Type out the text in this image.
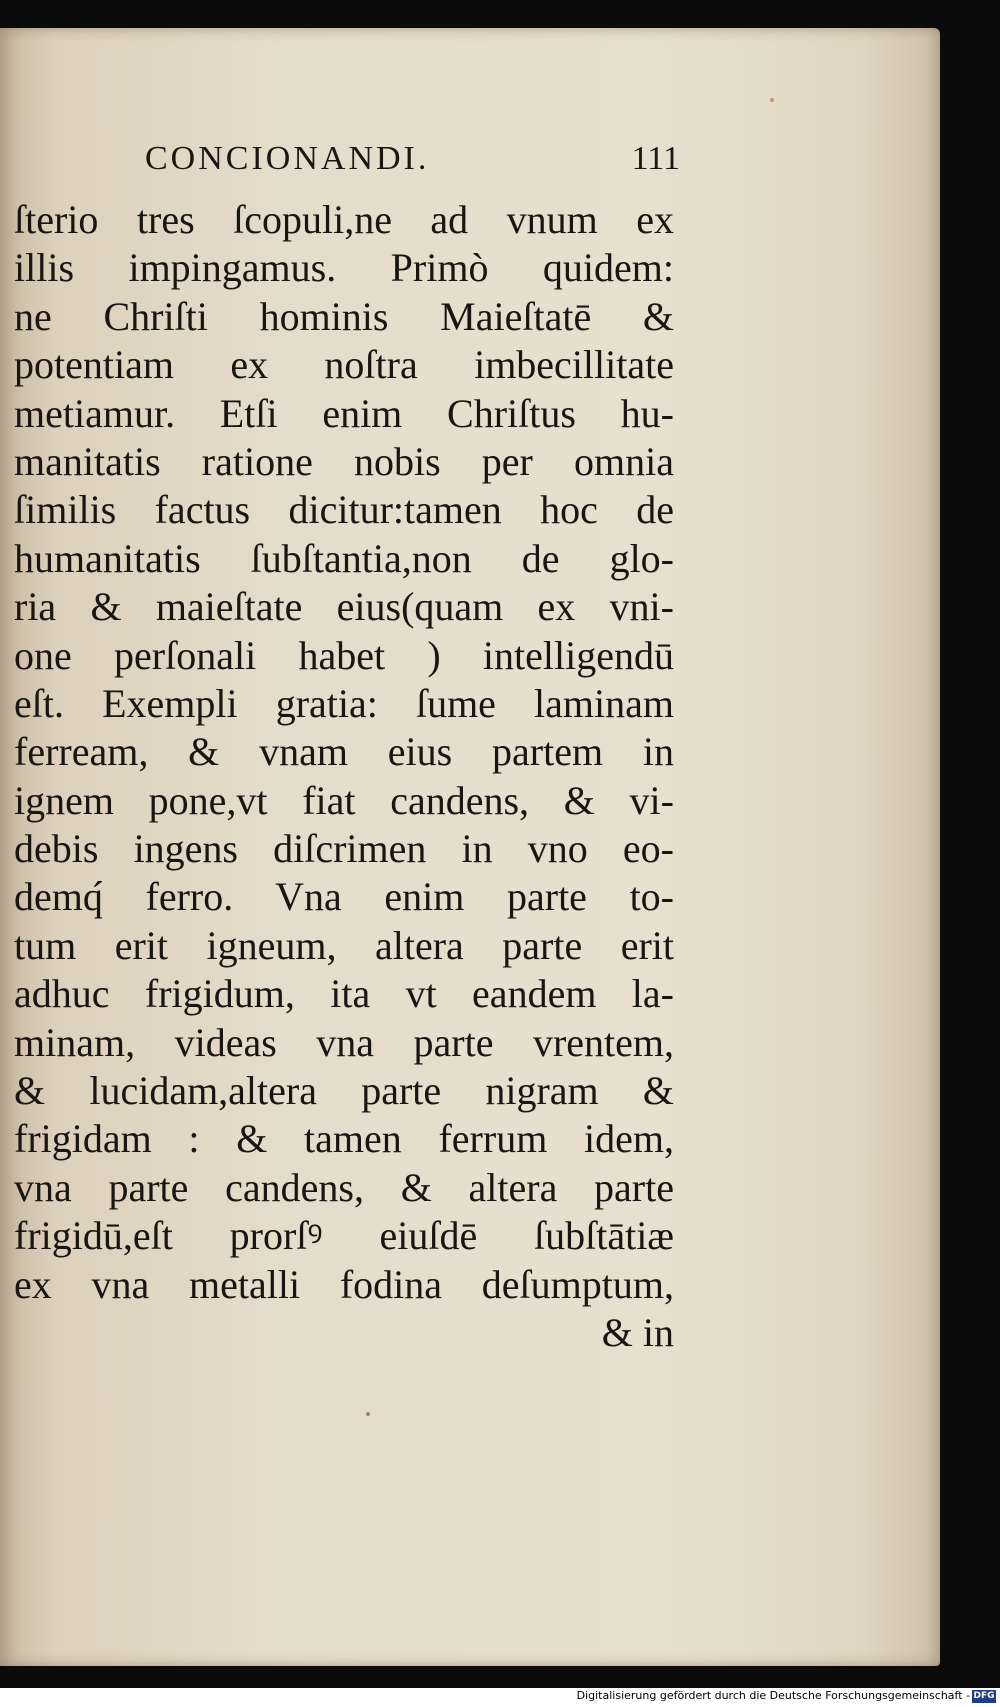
CONCIONANDI.	111
ſterio tres ſcopuli,ne ad vnum ex
illis impingamus. Primò quidem:
ne Chriſti hominis Maieſtatē &
potentiam ex noſtra imbecillitate
metiamur. Etſi enim Chriſtus hu-
manitatis ratione nobis per omnia
ſimilis factus dicitur:tamen hoc de
humanitatis ſubſtantia,non de glo-
ria & maieſtate eius(quam ex vni-
one perſonali habet ) intelligendū
eſt. Exempli gratia: ſume laminam
ferream, & vnam eius partem in
ignem pone,vt fiat candens, & vi-
debis ingens diſcrimen in vno eo-
demq́ ferro. Vna enim parte to-
tum erit igneum, altera parte erit
adhuc frigidum, ita vt eandem la-
minam, videas vna parte vrentem,
& lucidam,altera parte nigram &
frigidam : & tamen ferrum idem,
vna parte candens, & altera parte
frigidū,eſt prorſꝰ eiuſdē ſubſtātiæ
ex vna metalli fodina deſumptum,
& in
Digitalisierung gefördert durch die Deutsche Forschungsgemeinschaft - DFG
